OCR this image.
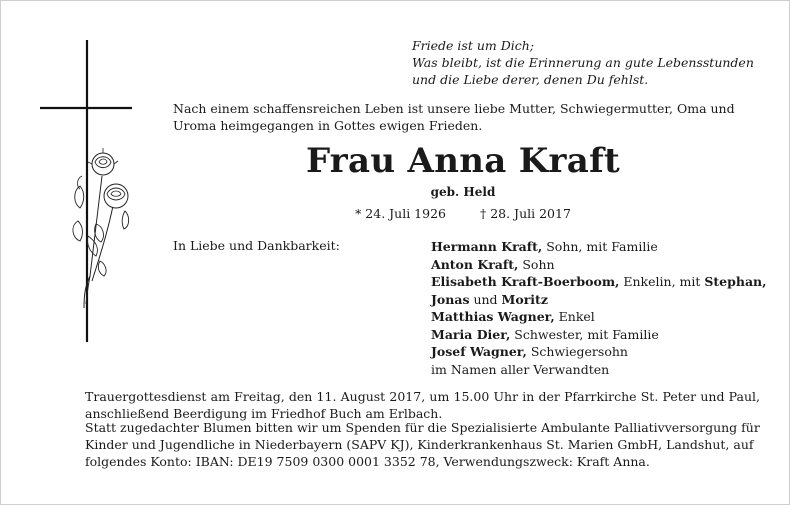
Friede ist um Dich;
Was bleibt, ist die Erinnerung an gute Lebensstunden
und die Liebe derer, denen Du fehlst.
Nach einem schaffensreichen Leben ist unsere liebe Mutter, Schwiegermutter, Oma und Uroma heimgegangen in Gottes ewigen Frieden.
Frau Anna Kraft
geb. Held
* 24. Juli 1926	† 28. Juli 2017
In Liebe und Dankbarkeit:	Hermann Kraft, Sohn, mit Familie
Anton Kraft, Sohn
Elisabeth Kraft-Boerboom, Enkelin, mit Stephan,
Jonas und Moritz
Matthias Wagner, Enkel
Maria Dier, Schwester, mit Familie
Josef Wagner, Schwiegersohn
im Namen aller Verwandten
Trauergottesdienst am Freitag, den 11. August 2017, um 15.00 Uhr in der Pfarrkirche St. Peter und Paul, anschließend Beerdigung im Friedhof Buch am Erlbach.
Statt zugedachter Blumen bitten wir um Spenden für die Spezialisierte Ambulante Palliativversorgung für Kinder und Jugendliche in Niederbayern (SAPV KJ), Kinderkrankenhaus St. Marien GmbH, Landshut, auf folgendes Konto: IBAN: DE19 7509 0300 0001 3352 78, Verwendungszweck: Kraft Anna.
